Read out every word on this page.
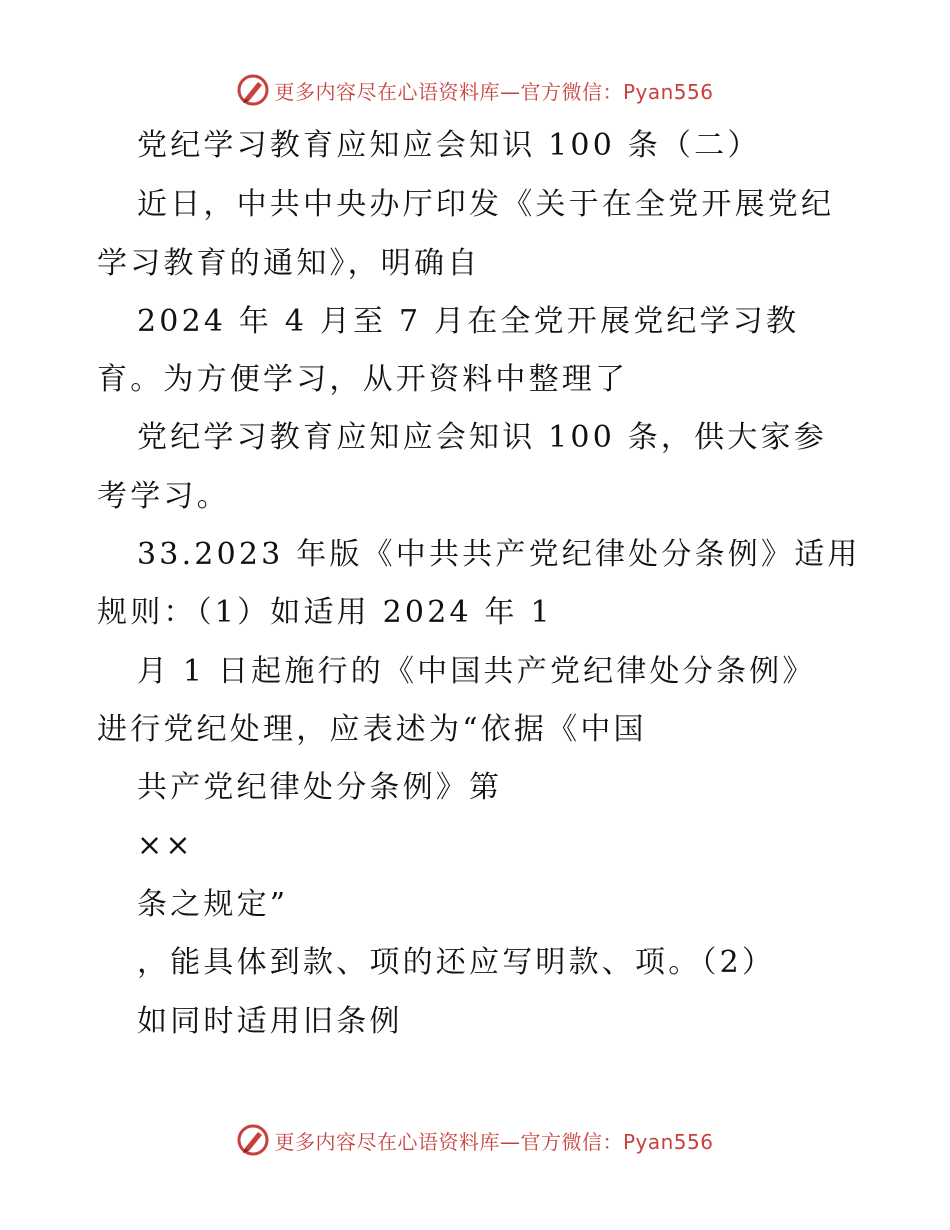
更多内容尽在心语资料库—官方微信：Pyan556
党纪学习教育应知应会知识 100 条（二）
近日，中共中央办厅印发《关于在全党开展党纪
学习教育的通知》，明确自
2024 年 4 月至 7 月在全党开展党纪学习教
育。为方便学习，从开资料中整理了
党纪学习教育应知应会知识 100 条，供大家参
考学习。
33.2023 年版《中共共产党纪律处分条例》适用
规则：（1）如适用 2024 年 1
月 1 日起施行的《中国共产党纪律处分条例》
进行党纪处理，应表述为“依据《中国
共产党纪律处分条例》第
××
条之规定”
，能具体到款、项的还应写明款、项。（2）
如同时适用旧条例
更多内容尽在心语资料库—官方微信：Pyan556
